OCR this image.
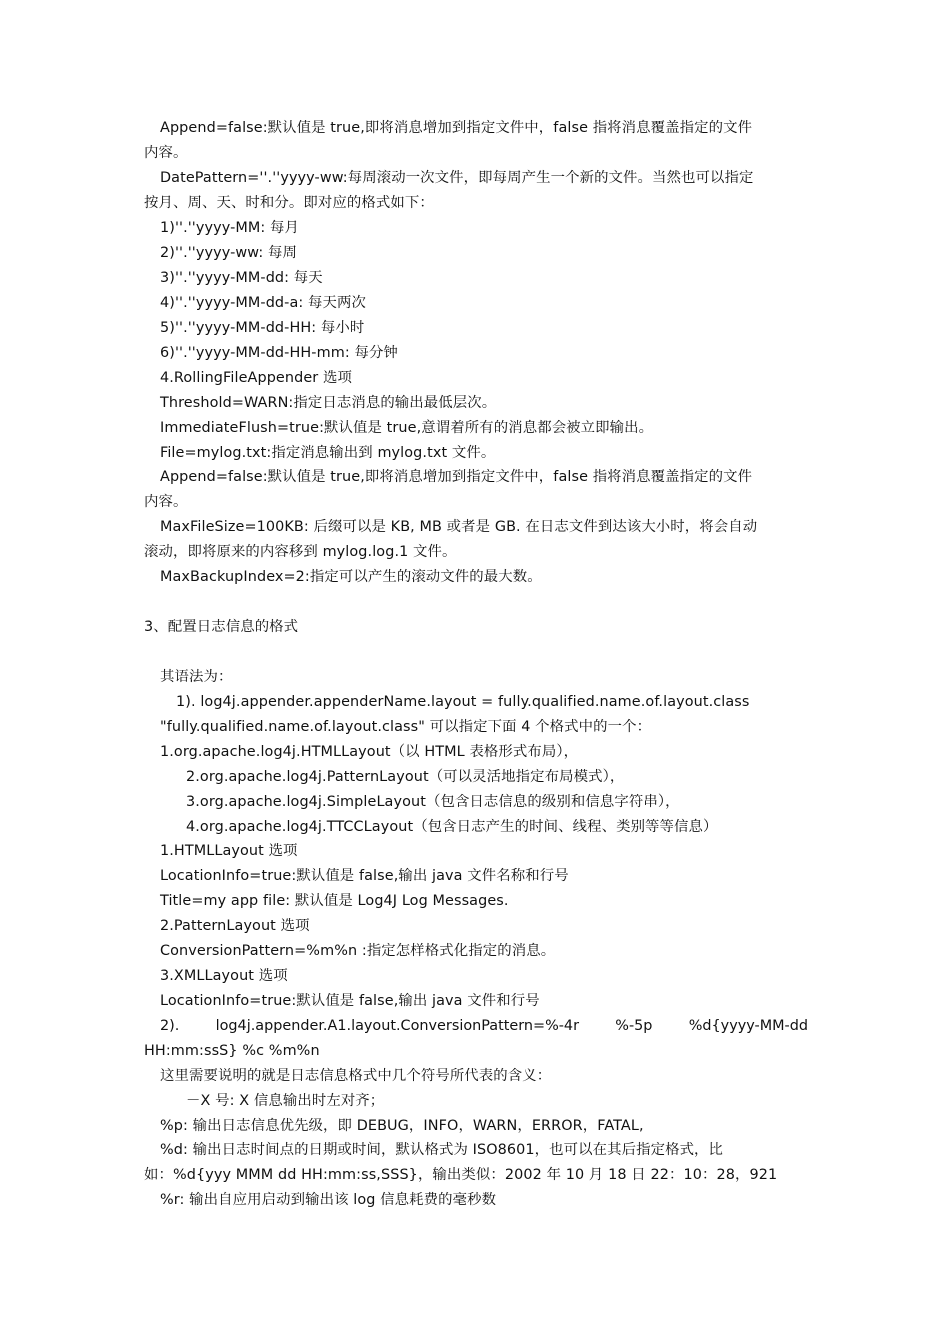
Append=false:默认值是 true,即将消息增加到指定文件中，false 指将消息覆盖指定的文件
内容。
DatePattern=''.''yyyy-ww:每周滚动一次文件，即每周产生一个新的文件。当然也可以指定
按月、周、天、时和分。即对应的格式如下：
1)''.''yyyy-MM: 每月
2)''.''yyyy-ww: 每周
3)''.''yyyy-MM-dd: 每天
4)''.''yyyy-MM-dd-a: 每天两次
5)''.''yyyy-MM-dd-HH: 每小时
6)''.''yyyy-MM-dd-HH-mm: 每分钟
4.RollingFileAppender 选项
Threshold=WARN:指定日志消息的输出最低层次。
ImmediateFlush=true:默认值是 true,意谓着所有的消息都会被立即输出。
File=mylog.txt:指定消息输出到 mylog.txt 文件。
Append=false:默认值是 true,即将消息增加到指定文件中，false 指将消息覆盖指定的文件
内容。
MaxFileSize=100KB: 后缀可以是 KB, MB 或者是 GB. 在日志文件到达该大小时，将会自动
滚动，即将原来的内容移到 mylog.log.1 文件。
MaxBackupIndex=2:指定可以产生的滚动文件的最大数。
3、配置日志信息的格式
其语法为：
1). log4j.appender.appenderName.layout = fully.qualified.name.of.layout.class
"fully.qualified.name.of.layout.class" 可以指定下面 4 个格式中的一个：
1.org.apache.log4j.HTMLLayout（以 HTML 表格形式布局），
2.org.apache.log4j.PatternLayout（可以灵活地指定布局模式），
3.org.apache.log4j.SimpleLayout（包含日志信息的级别和信息字符串），
4.org.apache.log4j.TTCCLayout（包含日志产生的时间、线程、类别等等信息）
1.HTMLLayout 选项
LocationInfo=true:默认值是 false,输出 java 文件名称和行号
Title=my app file: 默认值是 Log4J Log Messages.
2.PatternLayout 选项
ConversionPattern=%m%n :指定怎样格式化指定的消息。
3.XMLLayout 选项
LocationInfo=true:默认值是 false,输出 java 文件和行号
2).	log4j.appender.A1.layout.ConversionPattern=%-4r	%-5p	%d{yyyy-MM-dd
HH:mm:ssS} %c %m%n
这里需要说明的就是日志信息格式中几个符号所代表的含义：
－X 号: X 信息输出时左对齐；
%p: 输出日志信息优先级，即 DEBUG，INFO，WARN，ERROR，FATAL,
%d: 输出日志时间点的日期或时间，默认格式为 ISO8601，也可以在其后指定格式，比
如：%d{yyy MMM dd HH:mm:ss,SSS}，输出类似：2002 年 10 月 18 日 22：10：28，921
%r: 输出自应用启动到输出该 log 信息耗费的毫秒数
